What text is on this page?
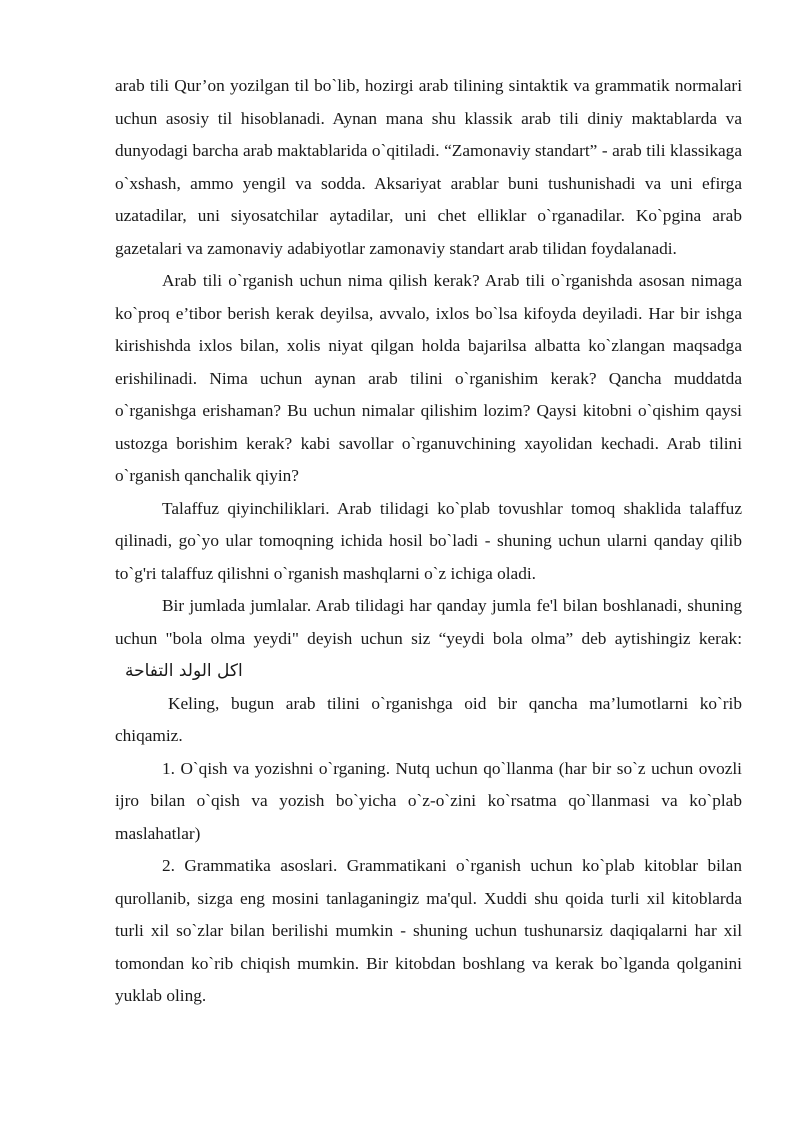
arab tili Qur’on yozilgan til bo`lib, hozirgi arab tilining sintaktik va grammatik normalari uchun asosiy til hisoblanadi. Aynan mana shu klassik arab tili diniy maktablarda va dunyodagi barcha arab maktablarida o`qitiladi. “Zamonaviy standart” - arab tili klassikaga o`xshash, ammo yengil va sodda. Aksariyat arablar buni tushunishadi va uni efirga uzatadilar, uni siyosatchilar aytadilar, uni chet elliklar o`rganadilar. Ko`pgina arab gazetalari va zamonaviy adabiyotlar zamonaviy standart arab tilidan foydalanadi.

Arab tili o`rganish uchun nima qilish kerak? Arab tili o`rganishda asosan nimaga ko`proq e’tibor berish kerak deyilsa, avvalo, ixlos bo`lsa kifoyda deyiladi. Har bir ishga kirishishda ixlos bilan, xolis niyat qilgan holda bajarilsa albatta ko`zlangan maqsadga erishilinadi. Nima uchun aynan arab tilini o`rganishim kerak? Qancha muddatda o`rganishga erishaman? Bu uchun nimalar qilishim lozim? Qaysi kitobni o`qishim qaysi ustozga borishim kerak? kabi savollar o`rganuvchining xayolidan kechadi. Arab tilini o`rganish qanchalik qiyin?

Talaffuz qiyinchiliklari. Arab tilidagi ko`plab tovushlar tomoq shaklida talaffuz qilinadi, go`yo ular tomoqning ichida hosil bo`ladi - shuning uchun ularni qanday qilib to`g'ri talaffuz qilishni o`rganish mashqlarni o`z ichiga oladi.

Bir jumlada jumlalar. Arab tilidagi har qanday jumla fe'l bilan boshlanadi, shuning uchun "bola olma yeydi" deyish uchun siz “yeydi bola olma” deb aytishingiz kerak:اكل الولد التفاحة

Keling, bugun arab tilini o`rganishga oid bir qancha ma’lumotlarni ko`rib chiqamiz.

1. O`qish va yozishni o`rganing. Nutq uchun qo`llanma (har bir so`z uchun ovozli ijro bilan o`qish va yozish bo`yicha o`z-o`zini ko`rsatma qo`llanmasi va ko`plab maslahatlar)

2. Grammatika asoslari. Grammatikani o`rganish uchun ko`plab kitoblar bilan qurollanib, sizga eng mosini tanlaganingiz ma'qul. Xuddi shu qoida turli xil kitoblarda turli xil so`zlar bilan berilishi mumkin - shuning uchun tushunarsiz daqiqalarni har xil tomondan ko`rib chiqish mumkin. Bir kitobdan boshlang va kerak bo`lganda qolganini yuklab oling.
